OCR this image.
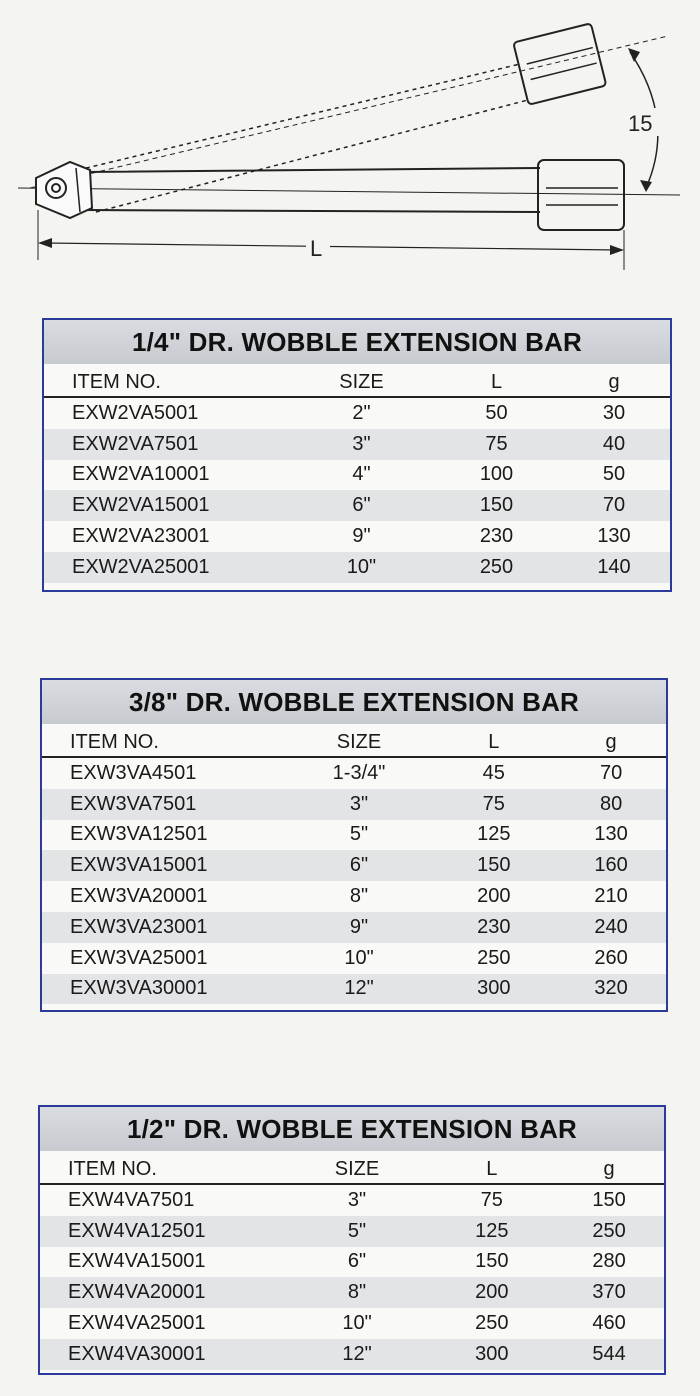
15
L
1/4" DR. WOBBLE EXTENSION BAR
ITEM NO.	SIZE	L	g
EXW2VA5001	2"	50	30
EXW2VA7501	3"	75	40
EXW2VA10001	4"	100	50
EXW2VA15001	6"	150	70
EXW2VA23001	9"	230	130
EXW2VA25001	10"	250	140
3/8" DR. WOBBLE EXTENSION BAR
ITEM NO.	SIZE	L	g
EXW3VA4501	1-3/4"	45	70
EXW3VA7501	3"	75	80
EXW3VA12501	5"	125	130
EXW3VA15001	6"	150	160
EXW3VA20001	8"	200	210
EXW3VA23001	9"	230	240
EXW3VA25001	10"	250	260
EXW3VA30001	12"	300	320
1/2" DR. WOBBLE EXTENSION BAR
ITEM NO.	SIZE	L	g
EXW4VA7501	3"	75	150
EXW4VA12501	5"	125	250
EXW4VA15001	6"	150	280
EXW4VA20001	8"	200	370
EXW4VA25001	10"	250	460
EXW4VA30001	12"	300	544
